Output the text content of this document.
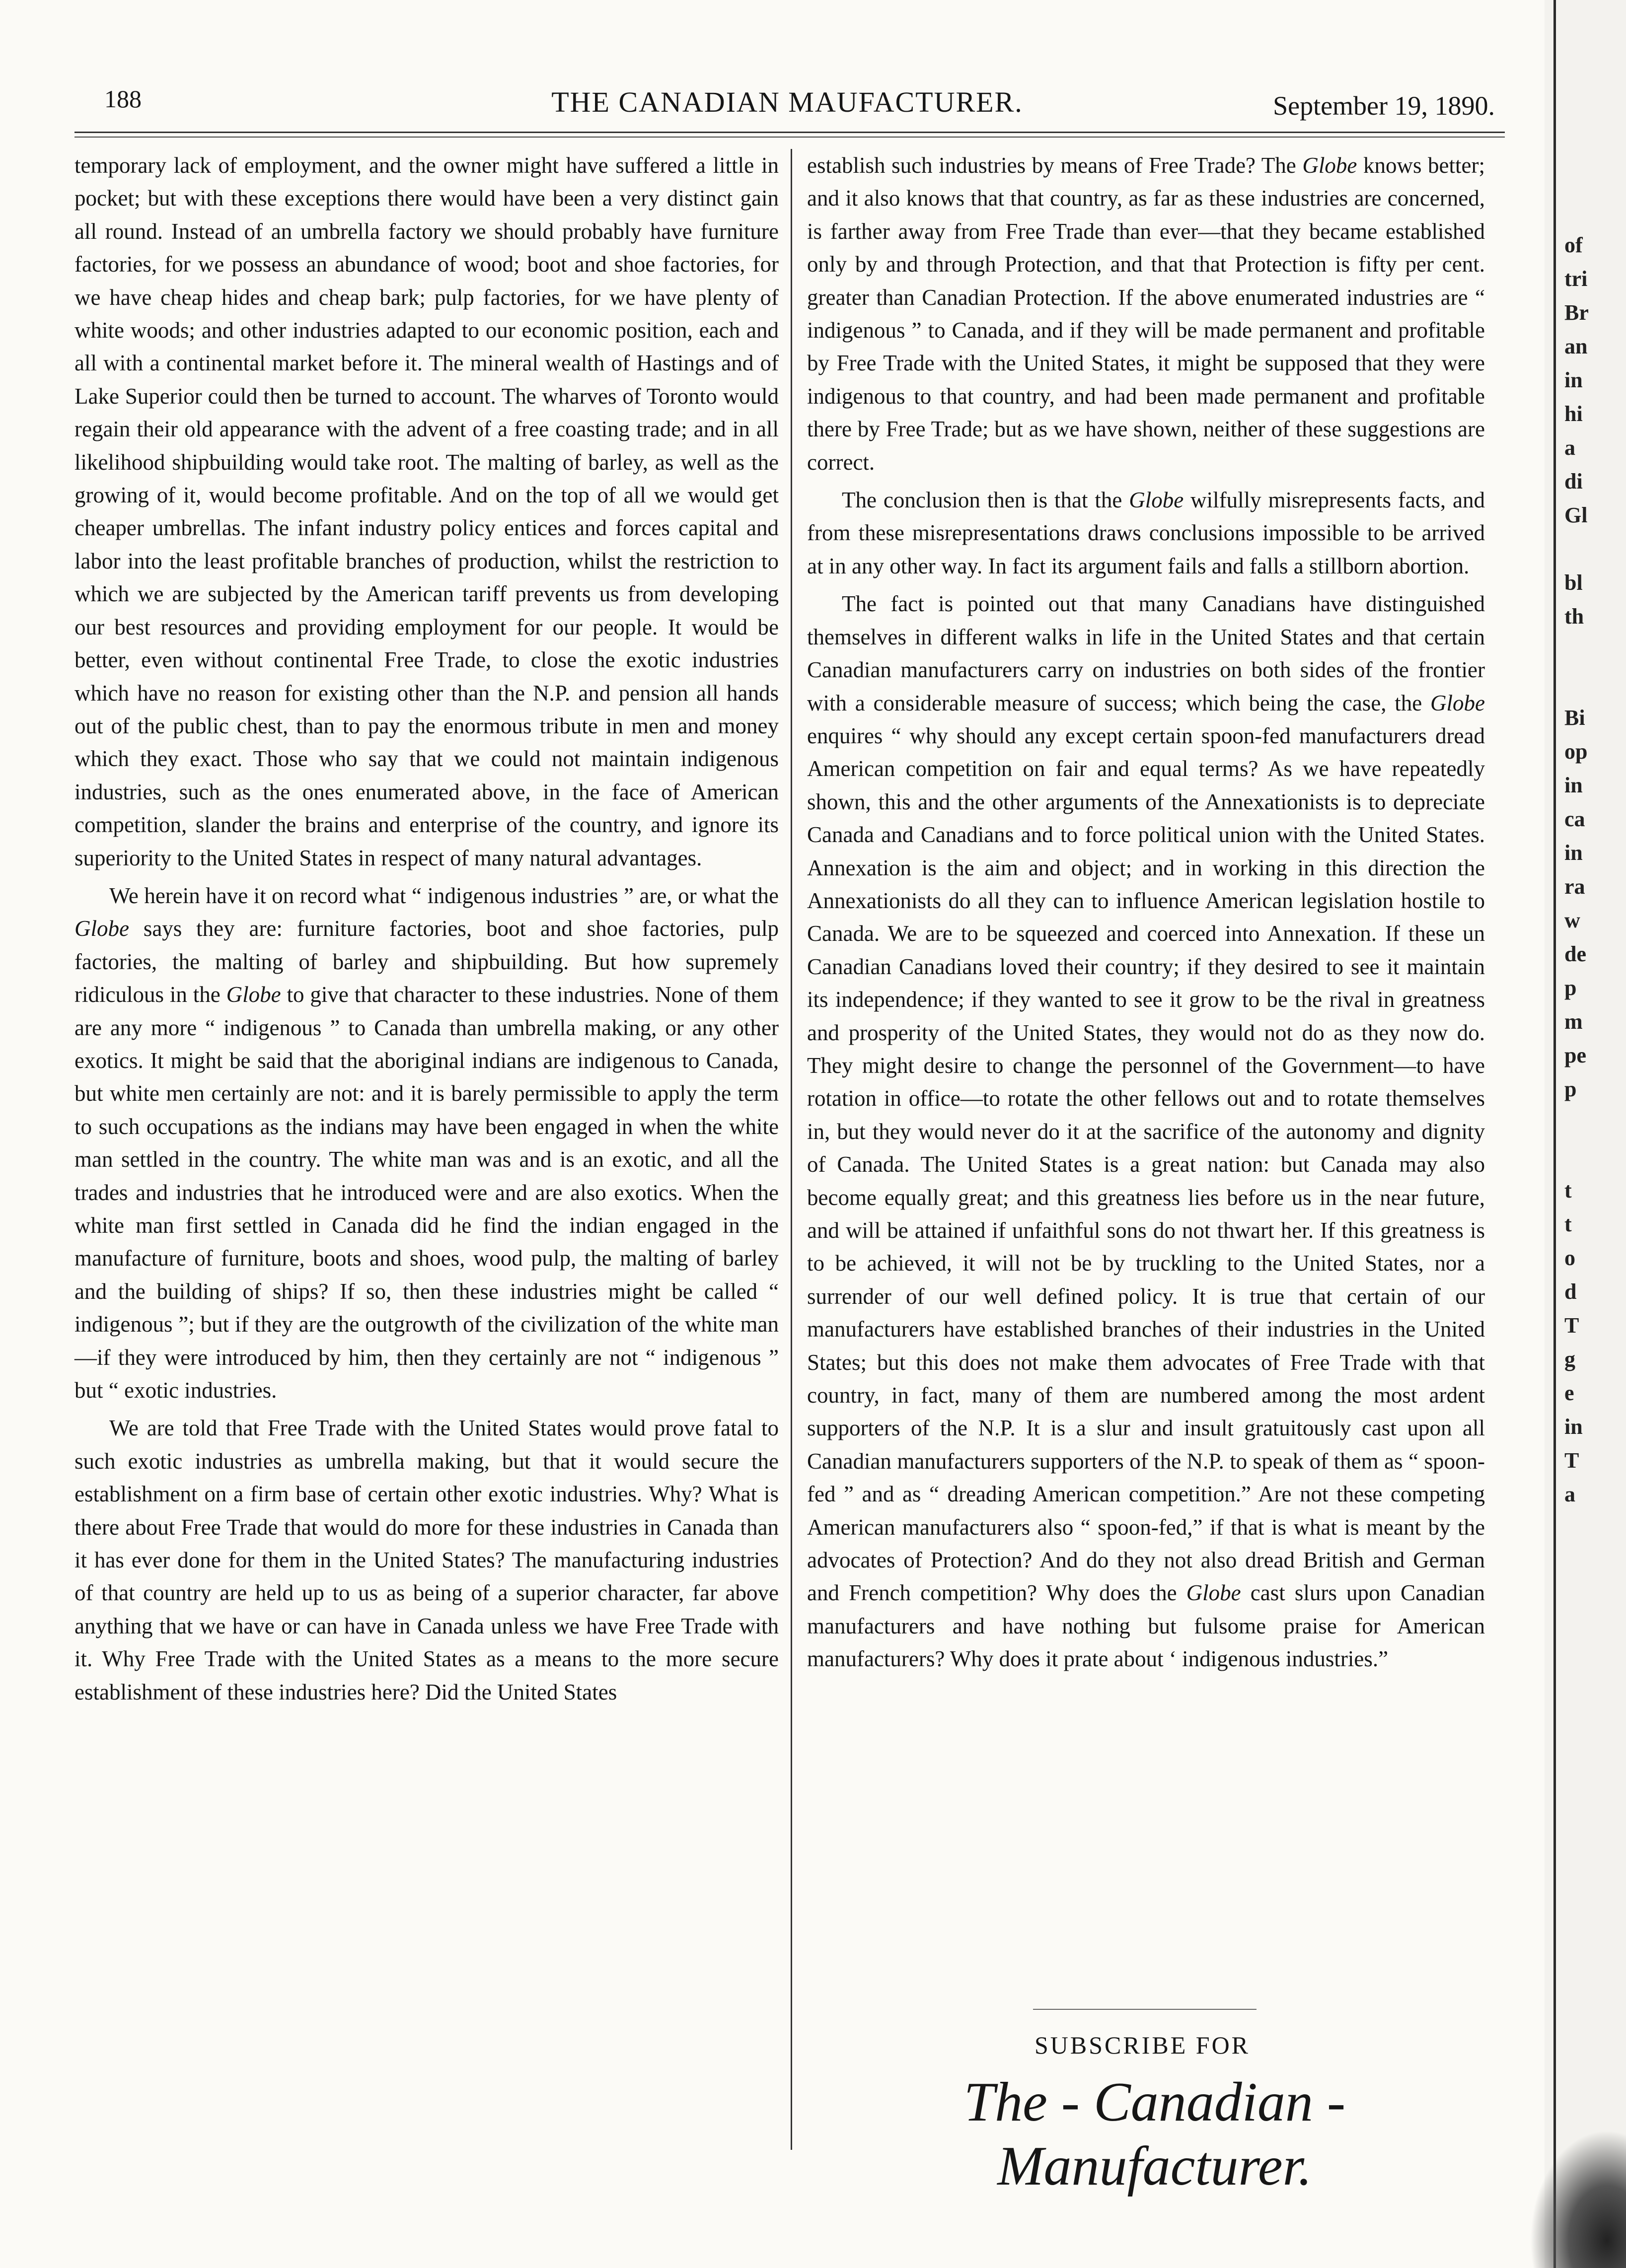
188	THE CANADIAN MAUFACTURER.	September 19, 1890.

temporary lack of employment, and the owner might have suffered a little in pocket; but with these exceptions there would have been a very distinct gain all round. Instead of an umbrella factory we should probably have furniture factories, for we possess an abundance of wood; boot and shoe factories, for we have cheap hides and cheap bark; pulp factories, for we have plenty of white woods; and other industries adapted to our economic position, each and all with a continental market before it. The mineral wealth of Hastings and of Lake Superior could then be turned to account. The wharves of Toronto would regain their old appearance with the advent of a free coasting trade; and in all likelihood shipbuilding would take root. The malting of barley, as well as the growing of it, would become profitable. And on the top of all we would get cheaper umbrellas. The infant industry policy entices and forces capital and labor into the least profitable branches of production, whilst the restriction to which we are subjected by the American tariff prevents us from developing our best resources and providing employment for our people. It would be better, even without continental Free Trade, to close the exotic industries which have no reason for existing other than the N.P. and pension all hands out of the public chest, than to pay the enormous tribute in men and money which they exact. Those who say that we could not maintain indigenous industries, such as the ones enumerated above, in the face of American competition, slander the brains and enterprise of the country, and ignore its superiority to the United States in respect of many natural advantages.

We herein have it on record what “ indigenous industries ” are, or what the Globe says they are: furniture factories, boot and shoe factories, pulp factories, the malting of barley and shipbuilding. But how supremely ridiculous in the Globe to give that character to these industries. None of them are any more “ indigenous ” to Canada than umbrella making, or any other exotics. It might be said that the aboriginal indians are indigenous to Canada, but white men certainly are not: and it is barely permissible to apply the term to such occupations as the indians may have been engaged in when the white man settled in the country. The white man was and is an exotic, and all the trades and industries that he introduced were and are also exotics. When the white man first settled in Canada did he find the indian engaged in the manufacture of furniture, boots and shoes, wood pulp, the malting of barley and the building of ships? If so, then these industries might be called “ indigenous ”; but if they are the outgrowth of the civilization of the white man—if they were introduced by him, then they certainly are not “ indigenous ” but “ exotic industries.

We are told that Free Trade with the United States would prove fatal to such exotic industries as umbrella making, but that it would secure the establishment on a firm base of certain other exotic industries. Why? What is there about Free Trade that would do more for these industries in Canada than it has ever done for them in the United States? The manufacturing industries of that country are held up to us as being of a superior character, far above anything that we have or can have in Canada unless we have Free Trade with it. Why Free Trade with the United States as a means to the more secure establishment of these industries here? Did the United States

establish such industries by means of Free Trade? The Globe knows better; and it also knows that that country, as far as these industries are concerned, is farther away from Free Trade than ever—that they became established only by and through Protection, and that that Protection is fifty per cent. greater than Canadian Protection. If the above enumerated industries are “ indigenous ” to Canada, and if they will be made permanent and profitable by Free Trade with the United States, it might be supposed that they were indigenous to that country, and had been made permanent and profitable there by Free Trade; but as we have shown, neither of these suggestions are correct.

The conclusion then is that the Globe wilfully misrepresents facts, and from these misrepresentations draws conclusions impossible to be arrived at in any other way. In fact its argument fails and falls a stillborn abortion.

The fact is pointed out that many Canadians have distinguished themselves in different walks in life in the United States and that certain Canadian manufacturers carry on industries on both sides of the frontier with a considerable measure of success; which being the case, the Globe enquires “ why should any except certain spoon-fed manufacturers dread American competition on fair and equal terms? As we have repeatedly shown, this and the other arguments of the Annexationists is to depreciate Canada and Canadians and to force political union with the United States. Annexation is the aim and object; and in working in this direction the Annexationists do all they can to influence American legislation hostile to Canada. We are to be squeezed and coerced into Annexation. If these un Canadian Canadians loved their country; if they desired to see it maintain its independence; if they wanted to see it grow to be the rival in greatness and prosperity of the United States, they would not do as they now do. They might desire to change the personnel of the Government—to have rotation in office—to rotate the other fellows out and to rotate themselves in, but they would never do it at the sacrifice of the autonomy and dignity of Canada. The United States is a great nation: but Canada may also become equally great; and this greatness lies before us in the near future, and will be attained if unfaithful sons do not thwart her. If this greatness is to be achieved, it will not be by truckling to the United States, nor a surrender of our well defined policy. It is true that certain of our manufacturers have established branches of their industries in the United States; but this does not make them advocates of Free Trade with that country, in fact, many of them are numbered among the most ardent supporters of the N.P. It is a slur and insult gratuitously cast upon all Canadian manufacturers supporters of the N.P. to speak of them as “ spoon-fed ” and as “ dreading American competition.” Are not these competing American manufacturers also “ spoon-fed,” if that is what is meant by the advocates of Protection? And do they not also dread British and German and French competition? Why does the Globe cast slurs upon Canadian manufacturers and have nothing but fulsome praise for American manufacturers? Why does it prate about ‘ indigenous industries.”

SUBSCRIBE FOR
The - Canadian - Manufacturer.
of
tri
Br
an
in
hi
a
di
Gl

bl
th

Bi
op
in
ca
in
ra
w
de
p
m
pe
p

t
t
o
d
T
g
e
in
T
a
